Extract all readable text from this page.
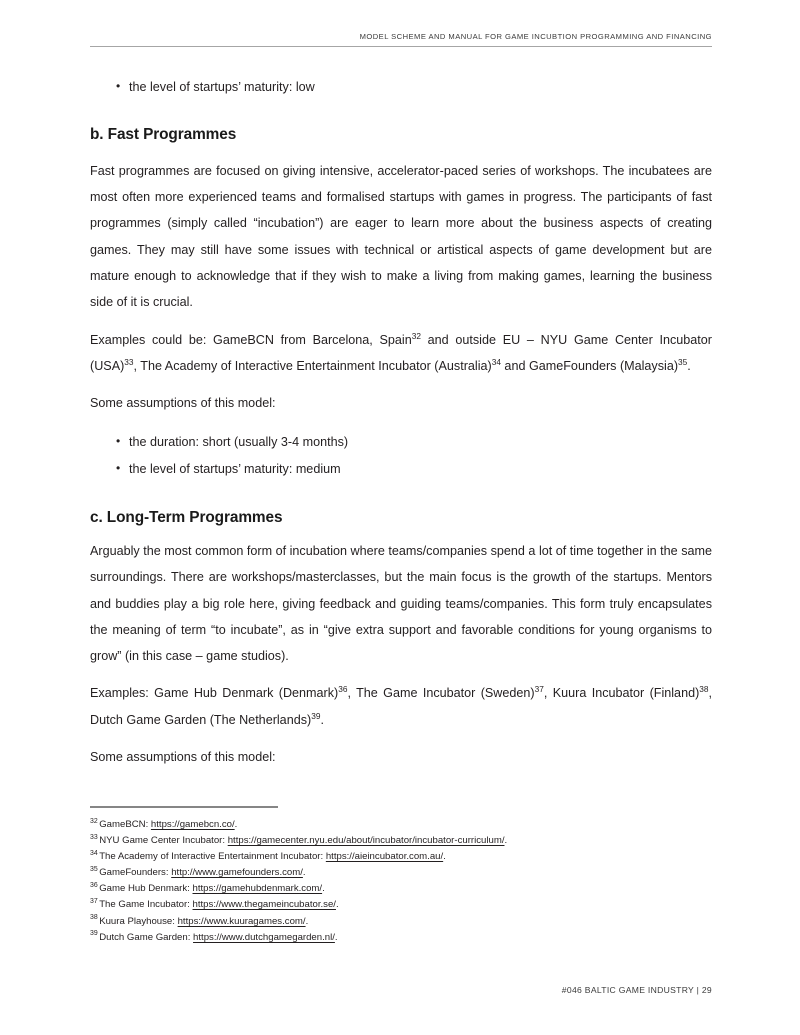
MODEL SCHEME AND MANUAL FOR GAME INCUBTION PROGRAMMING AND FINANCING
• the level of startups’ maturity: low
b. Fast Programmes

Fast programmes are focused on giving intensive, accelerator-paced series of workshops. The incubatees are most often more experienced teams and formalised startups with games in progress. The participants of fast programmes (simply called “incubation”) are eager to learn more about the business aspects of creating games. They may still have some issues with technical or artistical aspects of game development but are mature enough to acknowledge that if they wish to make a living from making games, learning the business side of it is crucial.

Examples could be: GameBCN from Barcelona, Spain$^{32}$ and outside EU – NYU Game Center Incubator (USA)$^{33}$, The Academy of Interactive Entertainment Incubator (Australia)$^{34}$ and GameFounders (Malaysia)$^{35}$.

Some assumptions of this model:

• the duration: short (usually 3-4 months)
• the level of startups’ maturity: medium
c. Long-Term Programmes

Arguably the most common form of incubation where teams/companies spend a lot of time together in the same surroundings. There are workshops/masterclasses, but the main focus is the growth of the startups. Mentors and buddies play a big role here, giving feedback and guiding teams/companies. This form truly encapsulates the meaning of term “to incubate”, as in “give extra support and favorable conditions for young organisms to grow” (in this case – game studios).

Examples: Game Hub Denmark (Denmark)$^{36}$, The Game Incubator (Sweden)$^{37}$, Kuura Incubator (Finland)$^{38}$, Dutch Game Garden (The Netherlands)$^{39}$.

Some assumptions of this model:

$^{32}$ GameBCN: https://gamebcn.co/.
$^{33}$ NYU Game Center Incubator: https://gamecenter.nyu.edu/about/incubator/incubator-curriculum/.
$^{34}$ The Academy of Interactive Entertainment Incubator: https://aieincubator.com.au/.
$^{35}$ GameFounders: http://www.gamefounders.com/.
$^{36}$ Game Hub Denmark: https://gamehubdenmark.com/.
$^{37}$ The Game Incubator: https://www.thegameincubator.se/.
$^{38}$ Kuura Playhouse: https://www.kuuragames.com/.
$^{39}$ Dutch Game Garden: https://www.dutchgamegarden.nl/.
#046 BALTIC GAME INDUSTRY | 29
